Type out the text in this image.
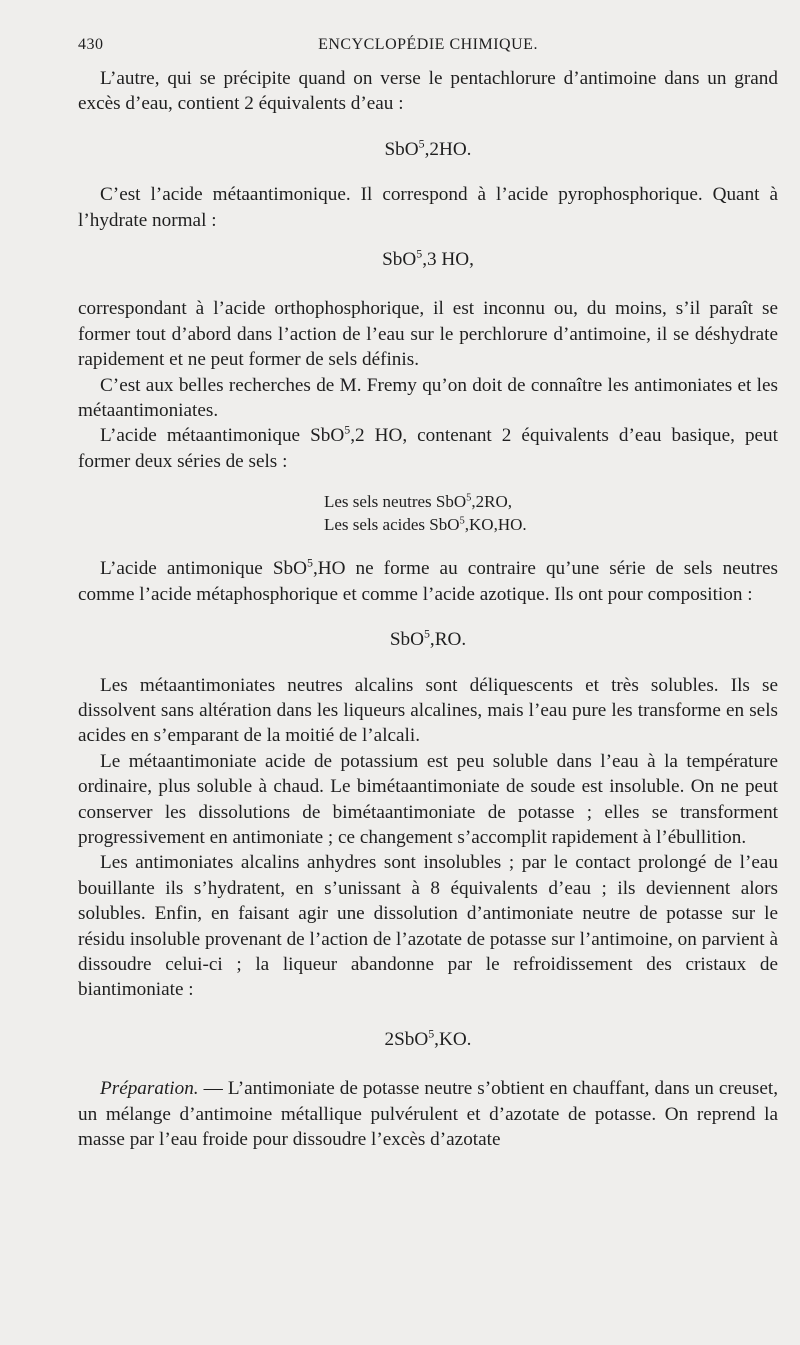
430	ENCYCLOPÉDIE CHIMIQUE.

L’autre, qui se précipite quand on verse le pentachlorure d’antimoine dans un grand excès d’eau, contient 2 équivalents d’eau :

SbO$^5$,2HO.

C’est l’acide métaantimonique. Il correspond à l’acide pyrophosphorique. Quant à l’hydrate normal :

SbO$^5$,3 HO,

correspondant à l’acide orthophosphorique, il est inconnu ou, du moins, s’il paraît se former tout d’abord dans l’action de l’eau sur le perchlorure d’antimoine, il se déshydrate rapidement et ne peut former de sels définis.

C’est aux belles recherches de M. Fremy qu’on doit de connaître les antimoniates et les métaantimoniates.

L’acide métaantimonique SbO$^5$,2 HO, contenant 2 équivalents d’eau basique, peut former deux séries de sels :

Les sels neutres SbO$^5$,2RO,

Les sels acides SbO$^5$,KO,HO.

L’acide antimonique SbO$^5$,HO ne forme au contraire qu’une série de sels neutres comme l’acide métaphosphorique et comme l’acide azotique. Ils ont pour composition :

SbO$^5$,RO.

Les métaantimoniates neutres alcalins sont déliquescents et très solubles. Ils se dissolvent sans altération dans les liqueurs alcalines, mais l’eau pure les transforme en sels acides en s’emparant de la moitié de l’alcali.

Le métaantimoniate acide de potassium est peu soluble dans l’eau à la température ordinaire, plus soluble à chaud. Le bimétaantimoniate de soude est insoluble. On ne peut conserver les dissolutions de bimétaantimoniate de potasse ; elles se transforment progressivement en antimoniate ; ce changement s’accomplit rapidement à l’ébullition.

Les antimoniates alcalins anhydres sont insolubles ; par le contact prolongé de l’eau bouillante ils s’hydratent, en s’unissant à 8 équivalents d’eau ; ils deviennent alors solubles. Enfin, en faisant agir une dissolution d’antimoniate neutre de potasse sur le résidu insoluble provenant de l’action de l’azotate de potasse sur l’antimoine, on parvient à dissoudre celui-ci ; la liqueur abandonne par le refroidissement des cristaux de biantimoniate :

2SbO$^5$,KO.

Préparation. — L’antimoniate de potasse neutre s’obtient en chauffant, dans un creuset, un mélange d’antimoine métallique pulvérulent et d’azotate de potasse. On reprend la masse par l’eau froide pour dissoudre l’excès d’azotate
